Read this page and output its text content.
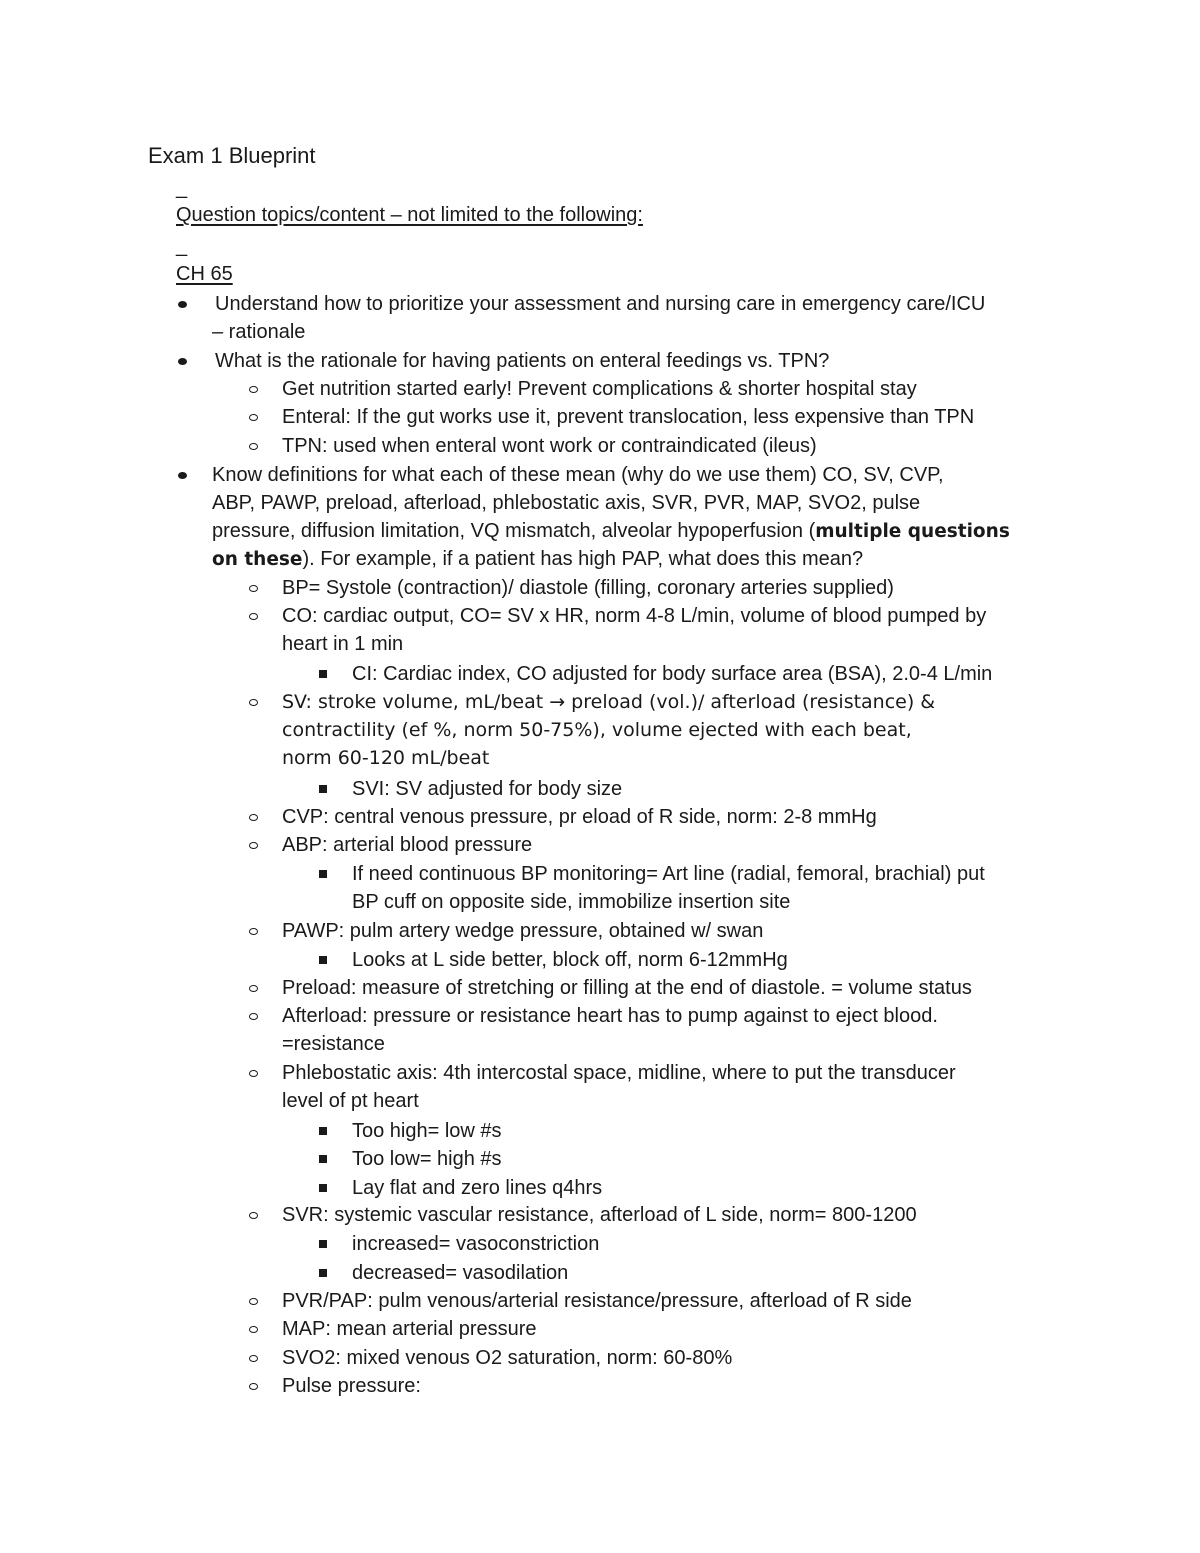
Exam 1 Blueprint
_
Question topics/content – not limited to the following:
_
CH 65
Understand how to prioritize your assessment and nursing care in emergency care/ICU
– rationale
What is the rationale for having patients on enteral feedings vs. TPN?
Get nutrition started early! Prevent complications & shorter hospital stay
Enteral: If the gut works use it, prevent translocation, less expensive than TPN
TPN: used when enteral wont work or contraindicated (ileus)
Know definitions for what each of these mean (why do we use them) CO, SV, CVP,
ABP, PAWP, preload, afterload, phlebostatic axis, SVR, PVR, MAP, SVO2, pulse
pressure, diffusion limitation, VQ mismatch, alveolar hypoperfusion (multiple questions
on these). For example, if a patient has high PAP, what does this mean?
BP= Systole (contraction)/ diastole (filling, coronary arteries supplied)
CO: cardiac output, CO= SV x HR, norm 4-8 L/min, volume of blood pumped by
heart in 1 min
CI: Cardiac index, CO adjusted for body surface area (BSA), 2.0-4 L/min
SV: stroke volume, mL/beat → preload (vol.)/ afterload (resistance) &
contractility (ef %, norm 50-75%), volume ejected with each beat,
norm 60-120 mL/beat
SVI: SV adjusted for body size
CVP: central venous pressure, pr eload of R side, norm: 2-8 mmHg
ABP: arterial blood pressure
If need continuous BP monitoring= Art line (radial, femoral, brachial) put
BP cuff on opposite side, immobilize insertion site
PAWP: pulm artery wedge pressure, obtained w/ swan
Looks at L side better, block off, norm 6-12mmHg
Preload: measure of stretching or filling at the end of diastole. = volume status
Afterload: pressure or resistance heart has to pump against to eject blood.
=resistance
Phlebostatic axis: 4th intercostal space, midline, where to put the transducer
level of pt heart
Too high= low #s
Too low= high #s
Lay flat and zero lines q4hrs
SVR: systemic vascular resistance, afterload of L side, norm= 800-1200
increased= vasoconstriction
decreased= vasodilation
PVR/PAP: pulm venous/arterial resistance/pressure, afterload of R side
MAP: mean arterial pressure
SVO2: mixed venous O2 saturation, norm: 60-80%
Pulse pressure:
